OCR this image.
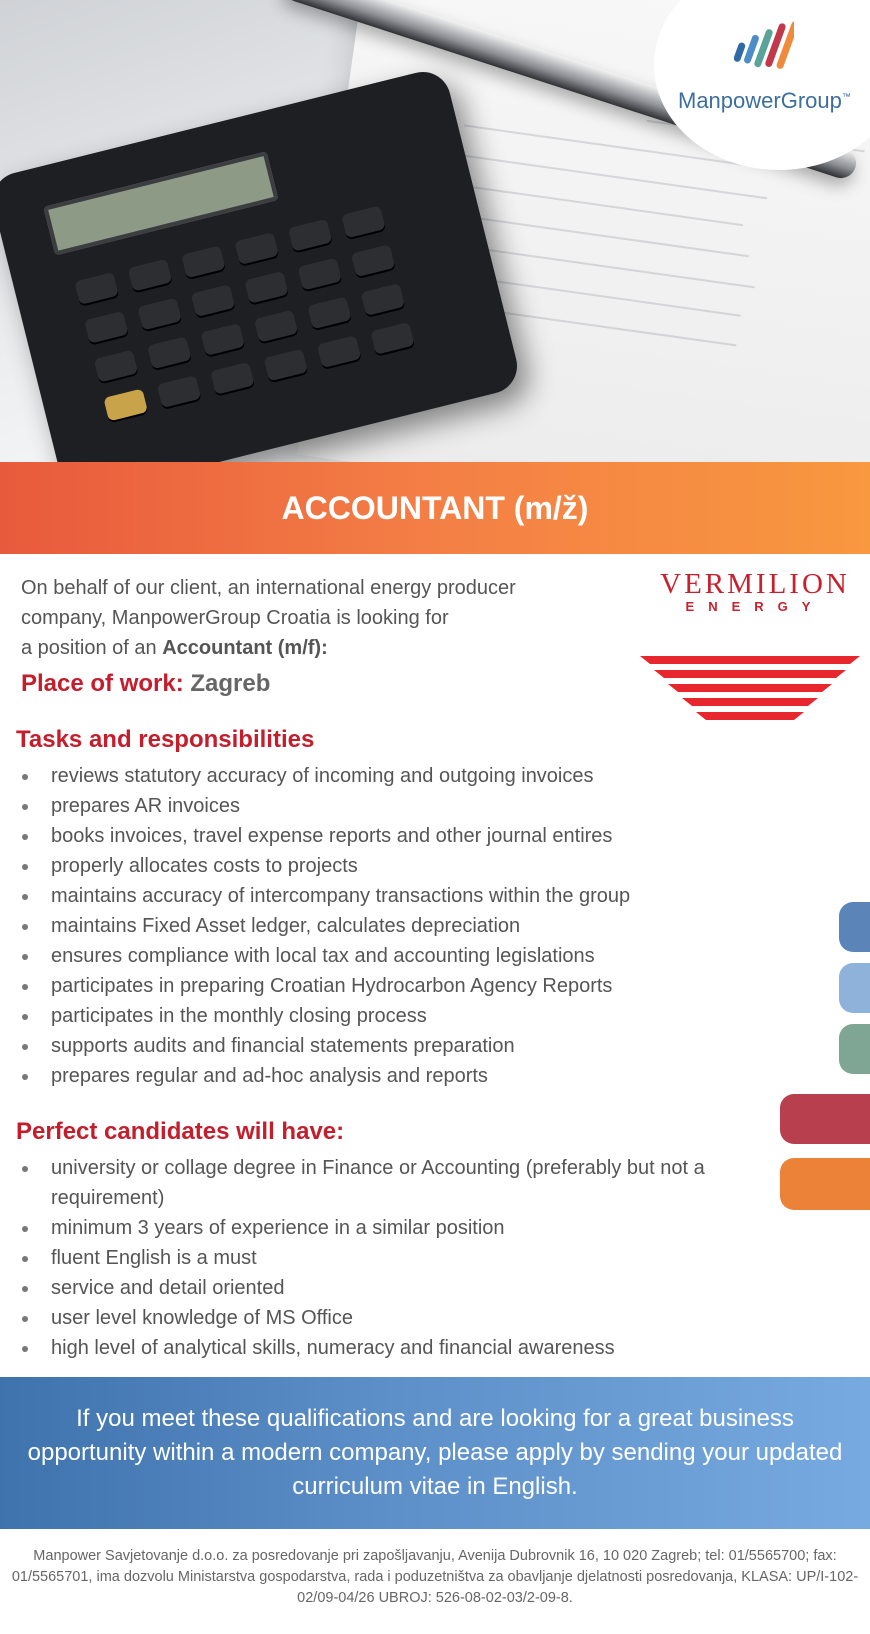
ManpowerGroup™
ACCOUNTANT (m/ž)
On behalf of our client, an international energy producer
company, ManpowerGroup Croatia is looking for
a position of an Accountant (m/f):
VERMILION
ENERGY
Place of work: Zagreb
Tasks and responsibilities
reviews statutory accuracy of incoming and outgoing invoices
prepares AR invoices
books invoices, travel expense reports and other journal entires
properly allocates costs to projects
maintains accuracy of intercompany transactions within the group
maintains Fixed Asset ledger, calculates depreciation
ensures compliance with local tax and accounting legislations
participates in preparing Croatian Hydrocarbon Agency Reports
participates in the monthly closing process
supports audits and financial statements preparation
prepares regular and ad-hoc analysis and reports
Perfect candidates will have:
university or collage degree in Finance or Accounting (preferably but not a requirement)
minimum 3 years of experience in a similar position
fluent English is a must
service and detail oriented
user level knowledge of MS Office
high level of analytical skills, numeracy and financial awareness

If you meet these qualifications and are looking for a great business opportunity within a modern company, please apply by sending your updated curriculum vitae in English.

Manpower Savjetovanje d.o.o. za posredovanje pri zapošljavanju, Avenija Dubrovnik 16, 10 020 Zagreb; tel: 01/5565700; fax: 01/5565701, ima dozvolu Ministarstva gospodarstva, rada i poduzetništva za obavljanje djelatnosti posredovanja, KLASA: UP/I-102-02/09-04/26 UBROJ: 526-08-02-03/2-09-8.
